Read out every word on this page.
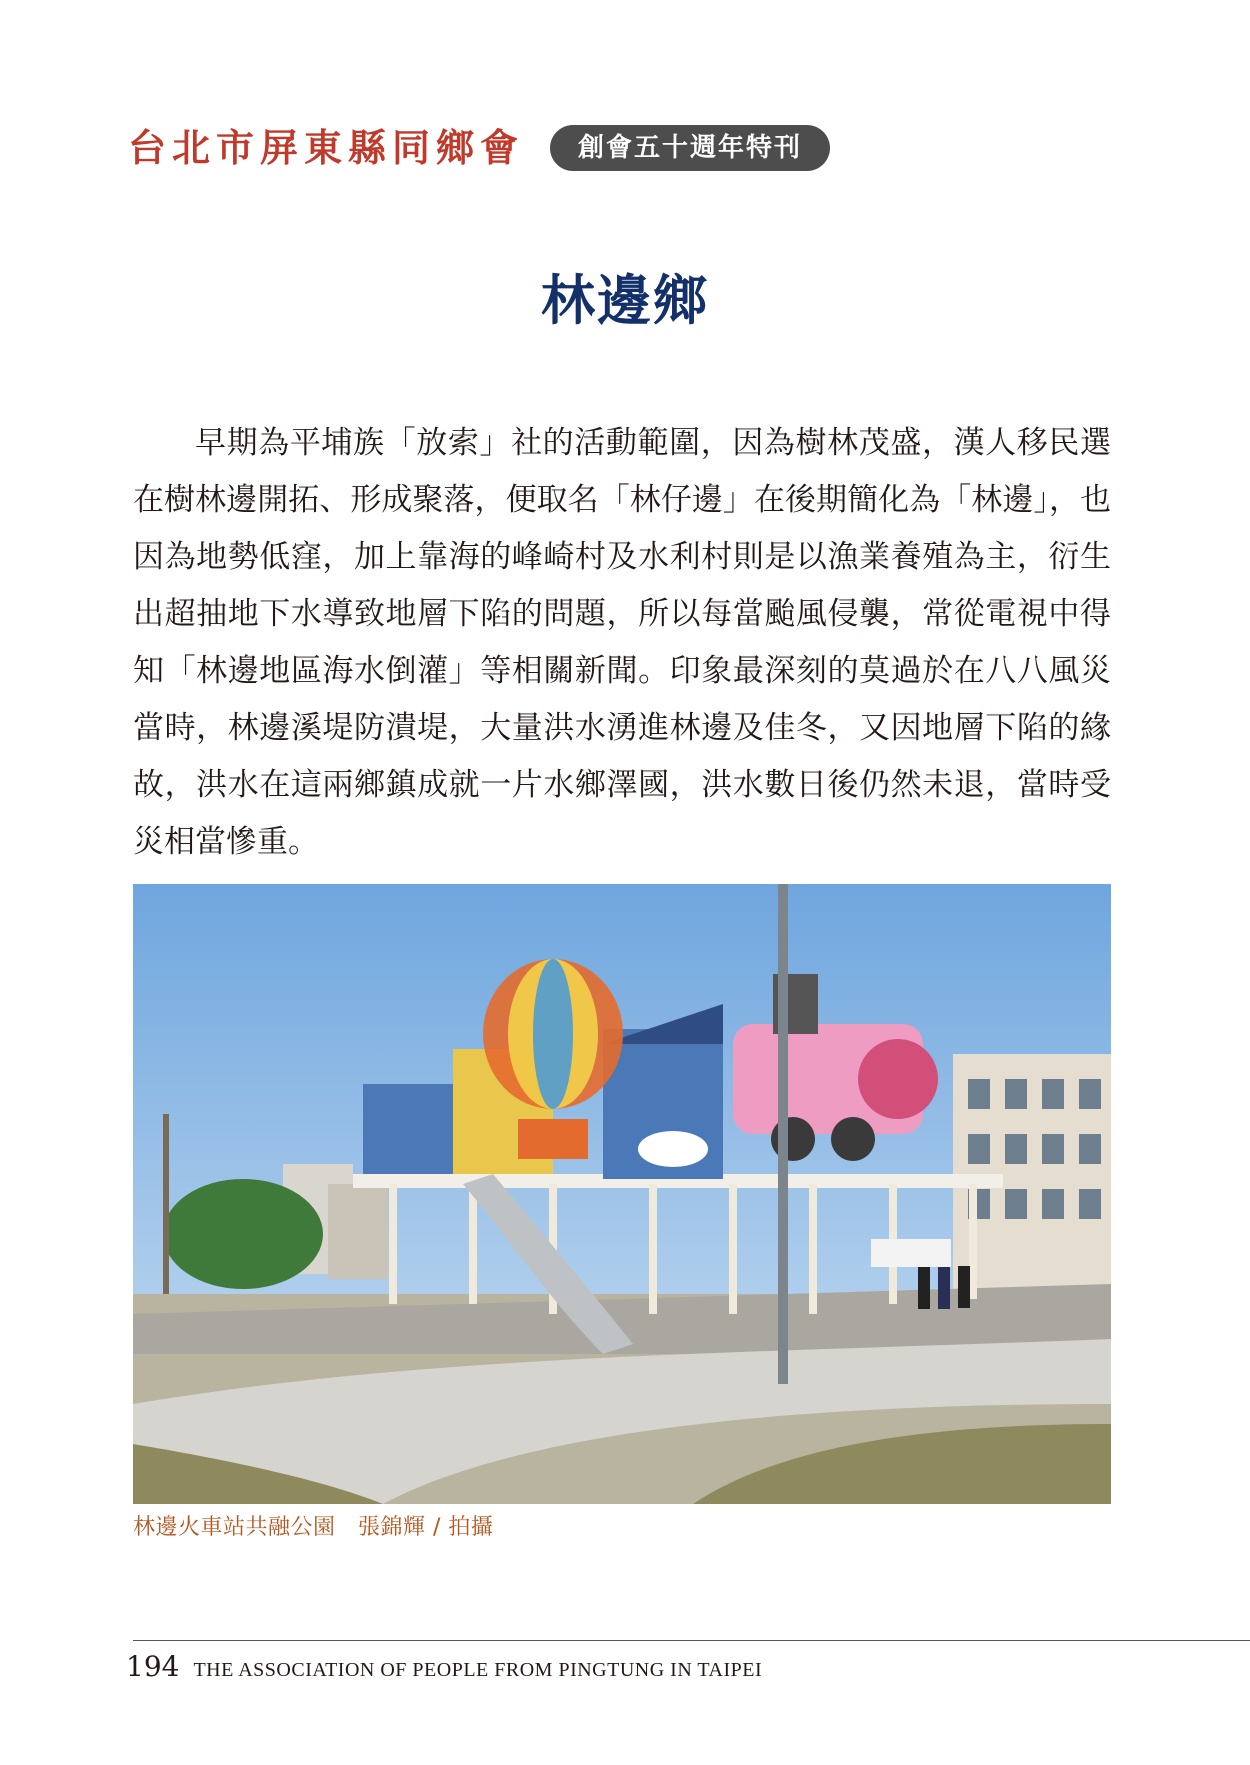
台北市屏東縣同鄉會	創會五十週年特刊
林邊鄉

早期為平埔族「放索」社的活動範圍，因為樹林茂盛，漢人移民選在樹林邊開拓、形成聚落，便取名「林仔邊」在後期簡化為「林邊」，也因為地勢低窪，加上靠海的峰崎村及水利村則是以漁業養殖為主，衍生出超抽地下水導致地層下陷的問題，所以每當颱風侵襲，常從電視中得知「林邊地區海水倒灌」等相關新聞。印象最深刻的莫過於在八八風災當時，林邊溪堤防潰堤，大量洪水湧進林邊及佳冬，又因地層下陷的緣故，洪水在這兩鄉鎮成就一片水鄉澤國，洪水數日後仍然未退，當時受災相當慘重。

林邊火車站共融公園　張錦輝 / 拍攝
194 THE ASSOCIATION OF PEOPLE FROM PINGTUNG IN TAIPEI
